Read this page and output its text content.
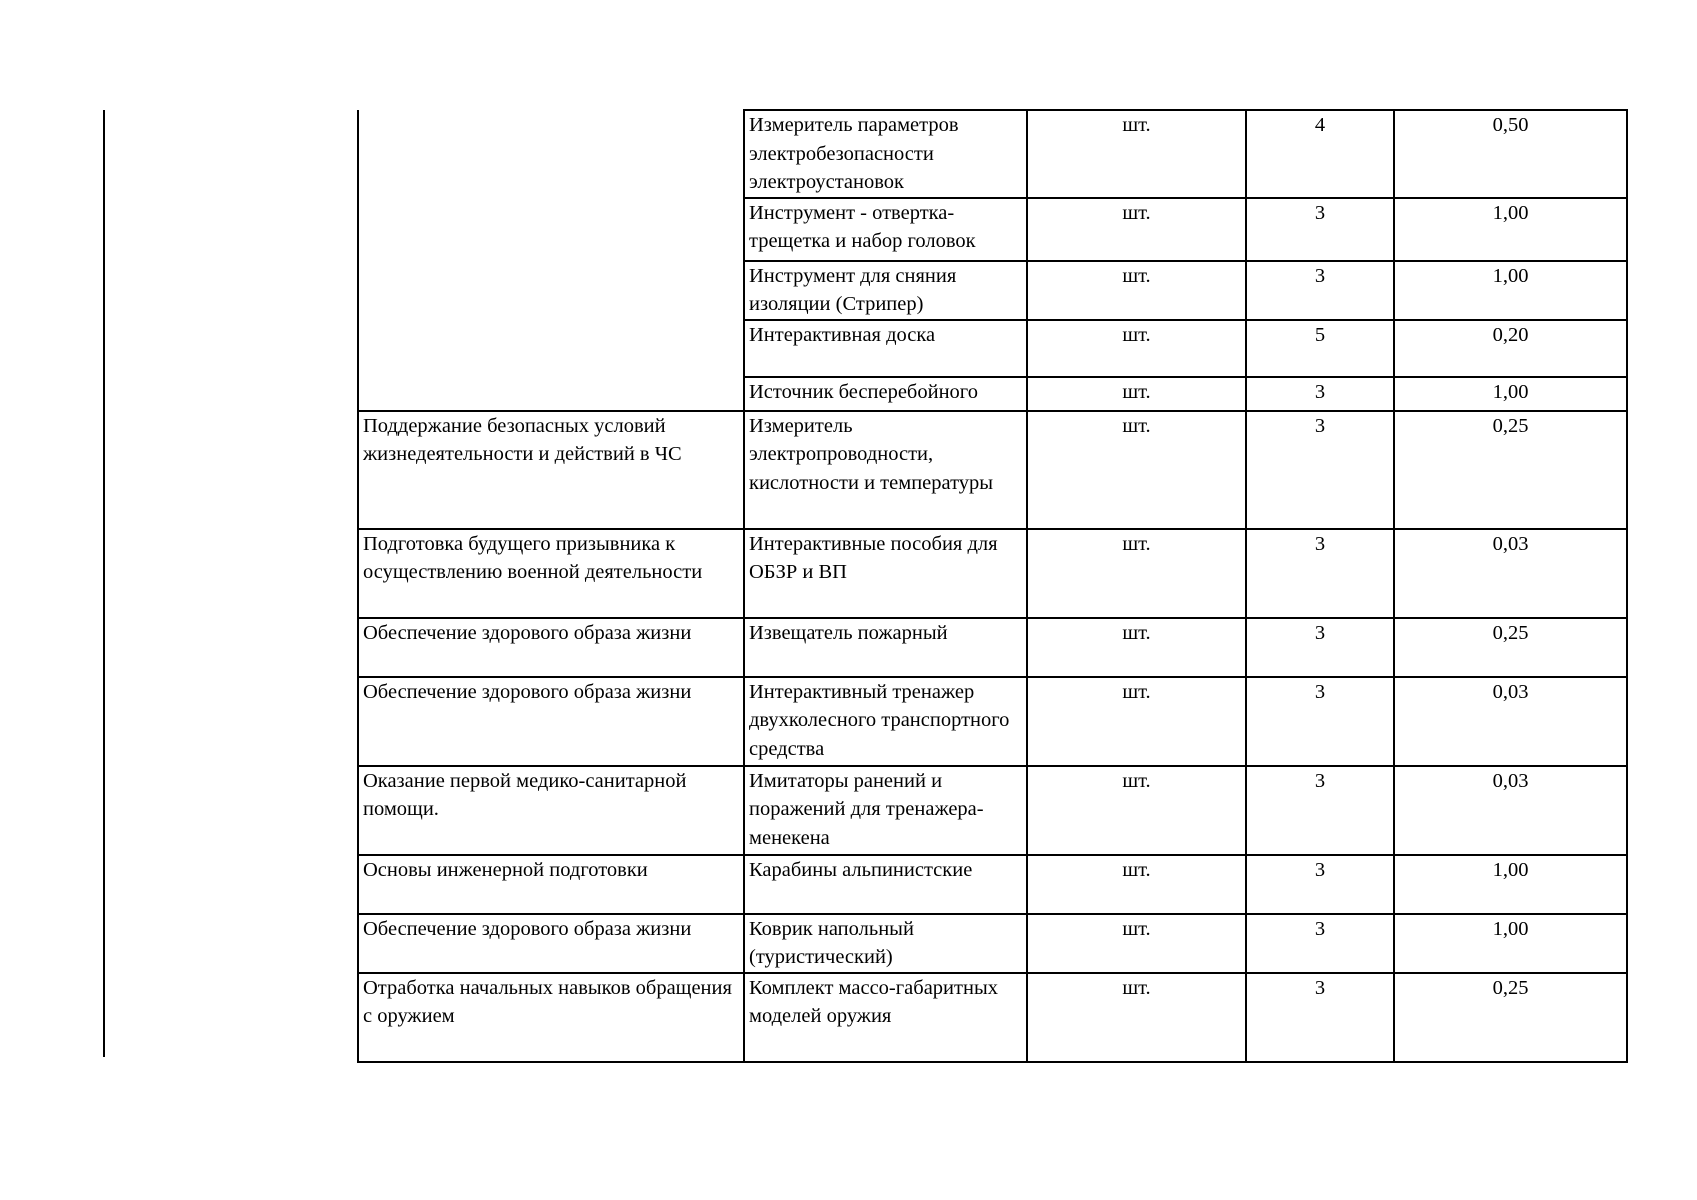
	Измеритель параметров электробезопасности электроустановок	шт.	4	0,50
	Инструмент - отвертка-трещетка и набор головок	шт.	3	1,00
	Инструмент для сняния изоляции (Стрипер)	шт.	3	1,00
	Интерактивная доска	шт.	5	0,20
	Источник бесперебойного	шт.	3	1,00
Поддержание безопасных условий жизнедеятельности и действий в ЧС	Измеритель электропроводности, кислотности и температуры	шт.	3	0,25
Подготовка будущего призывника к осуществлению военной деятельности	Интерактивные пособия для ОБЗР и ВП	шт.	3	0,03
Обеспечение здорового образа жизни	Извещатель пожарный	шт.	3	0,25
Обеспечение здорового образа жизни	Интерактивный тренажер двухколесного транспортного средства	шт.	3	0,03
Оказание первой медико-санитарной помощи.	Имитаторы ранений и поражений для тренажера-менекена	шт.	3	0,03
Основы инженерной подготовки	Карабины альпинистские	шт.	3	1,00
Обеспечение здорового образа жизни	Коврик напольный (туристический)	шт.	3	1,00
Отработка начальных навыков обращения с оружием	Комплект массо-габаритных моделей оружия	шт.	3	0,25
